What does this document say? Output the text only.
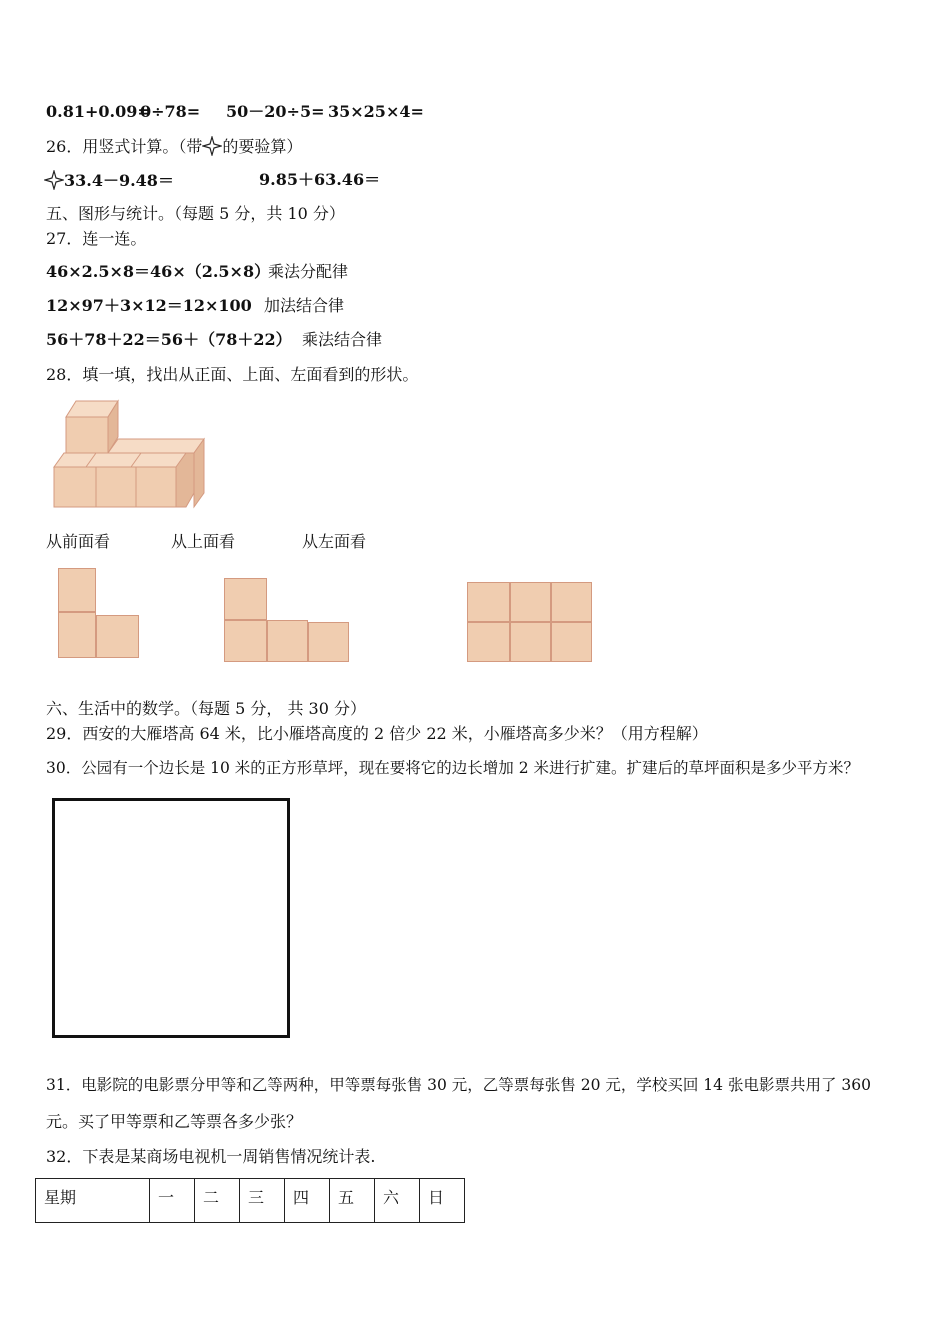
0.81+0.09=
0÷78= 50－20÷5= 35×25×4=
26．用竖式计算。（带 的要验算）
33.4－9.48＝	9.85＋63.46＝
五、图形与统计。（每题 5 分，共 10 分）
27．连一连。
46×2.5×8＝46×（2.5×8）
乘法分配律
12×97＋3×12＝12×100 加法结合律
56＋78＋22＝56＋（78＋22） 乘法结合律
28．填一填，找出从正面、上面、左面看到的形状。
从前面看	从上面看	从左面看
六、生活中的数学。（每题 5 分， 共 30 分）
29．西安的大雁塔高 64 米，比小雁塔高度的 2 倍少 22 米，小雁塔高多少米？（用方程解）
30．公园有一个边长是 10 米的正方形草坪，现在要将它的边长增加 2 米进行扩建。扩建后的草坪面积是多少平方米？
31．电影院的电影票分甲等和乙等两种，甲等票每张售 30 元，乙等票每张售 20 元，学校买回 14 张电影票共用了 360
元。买了甲等票和乙等票各多少张？
32．下表是某商场电视机一周销售情况统计表.
星期	一	二	三	四	五	六	日
